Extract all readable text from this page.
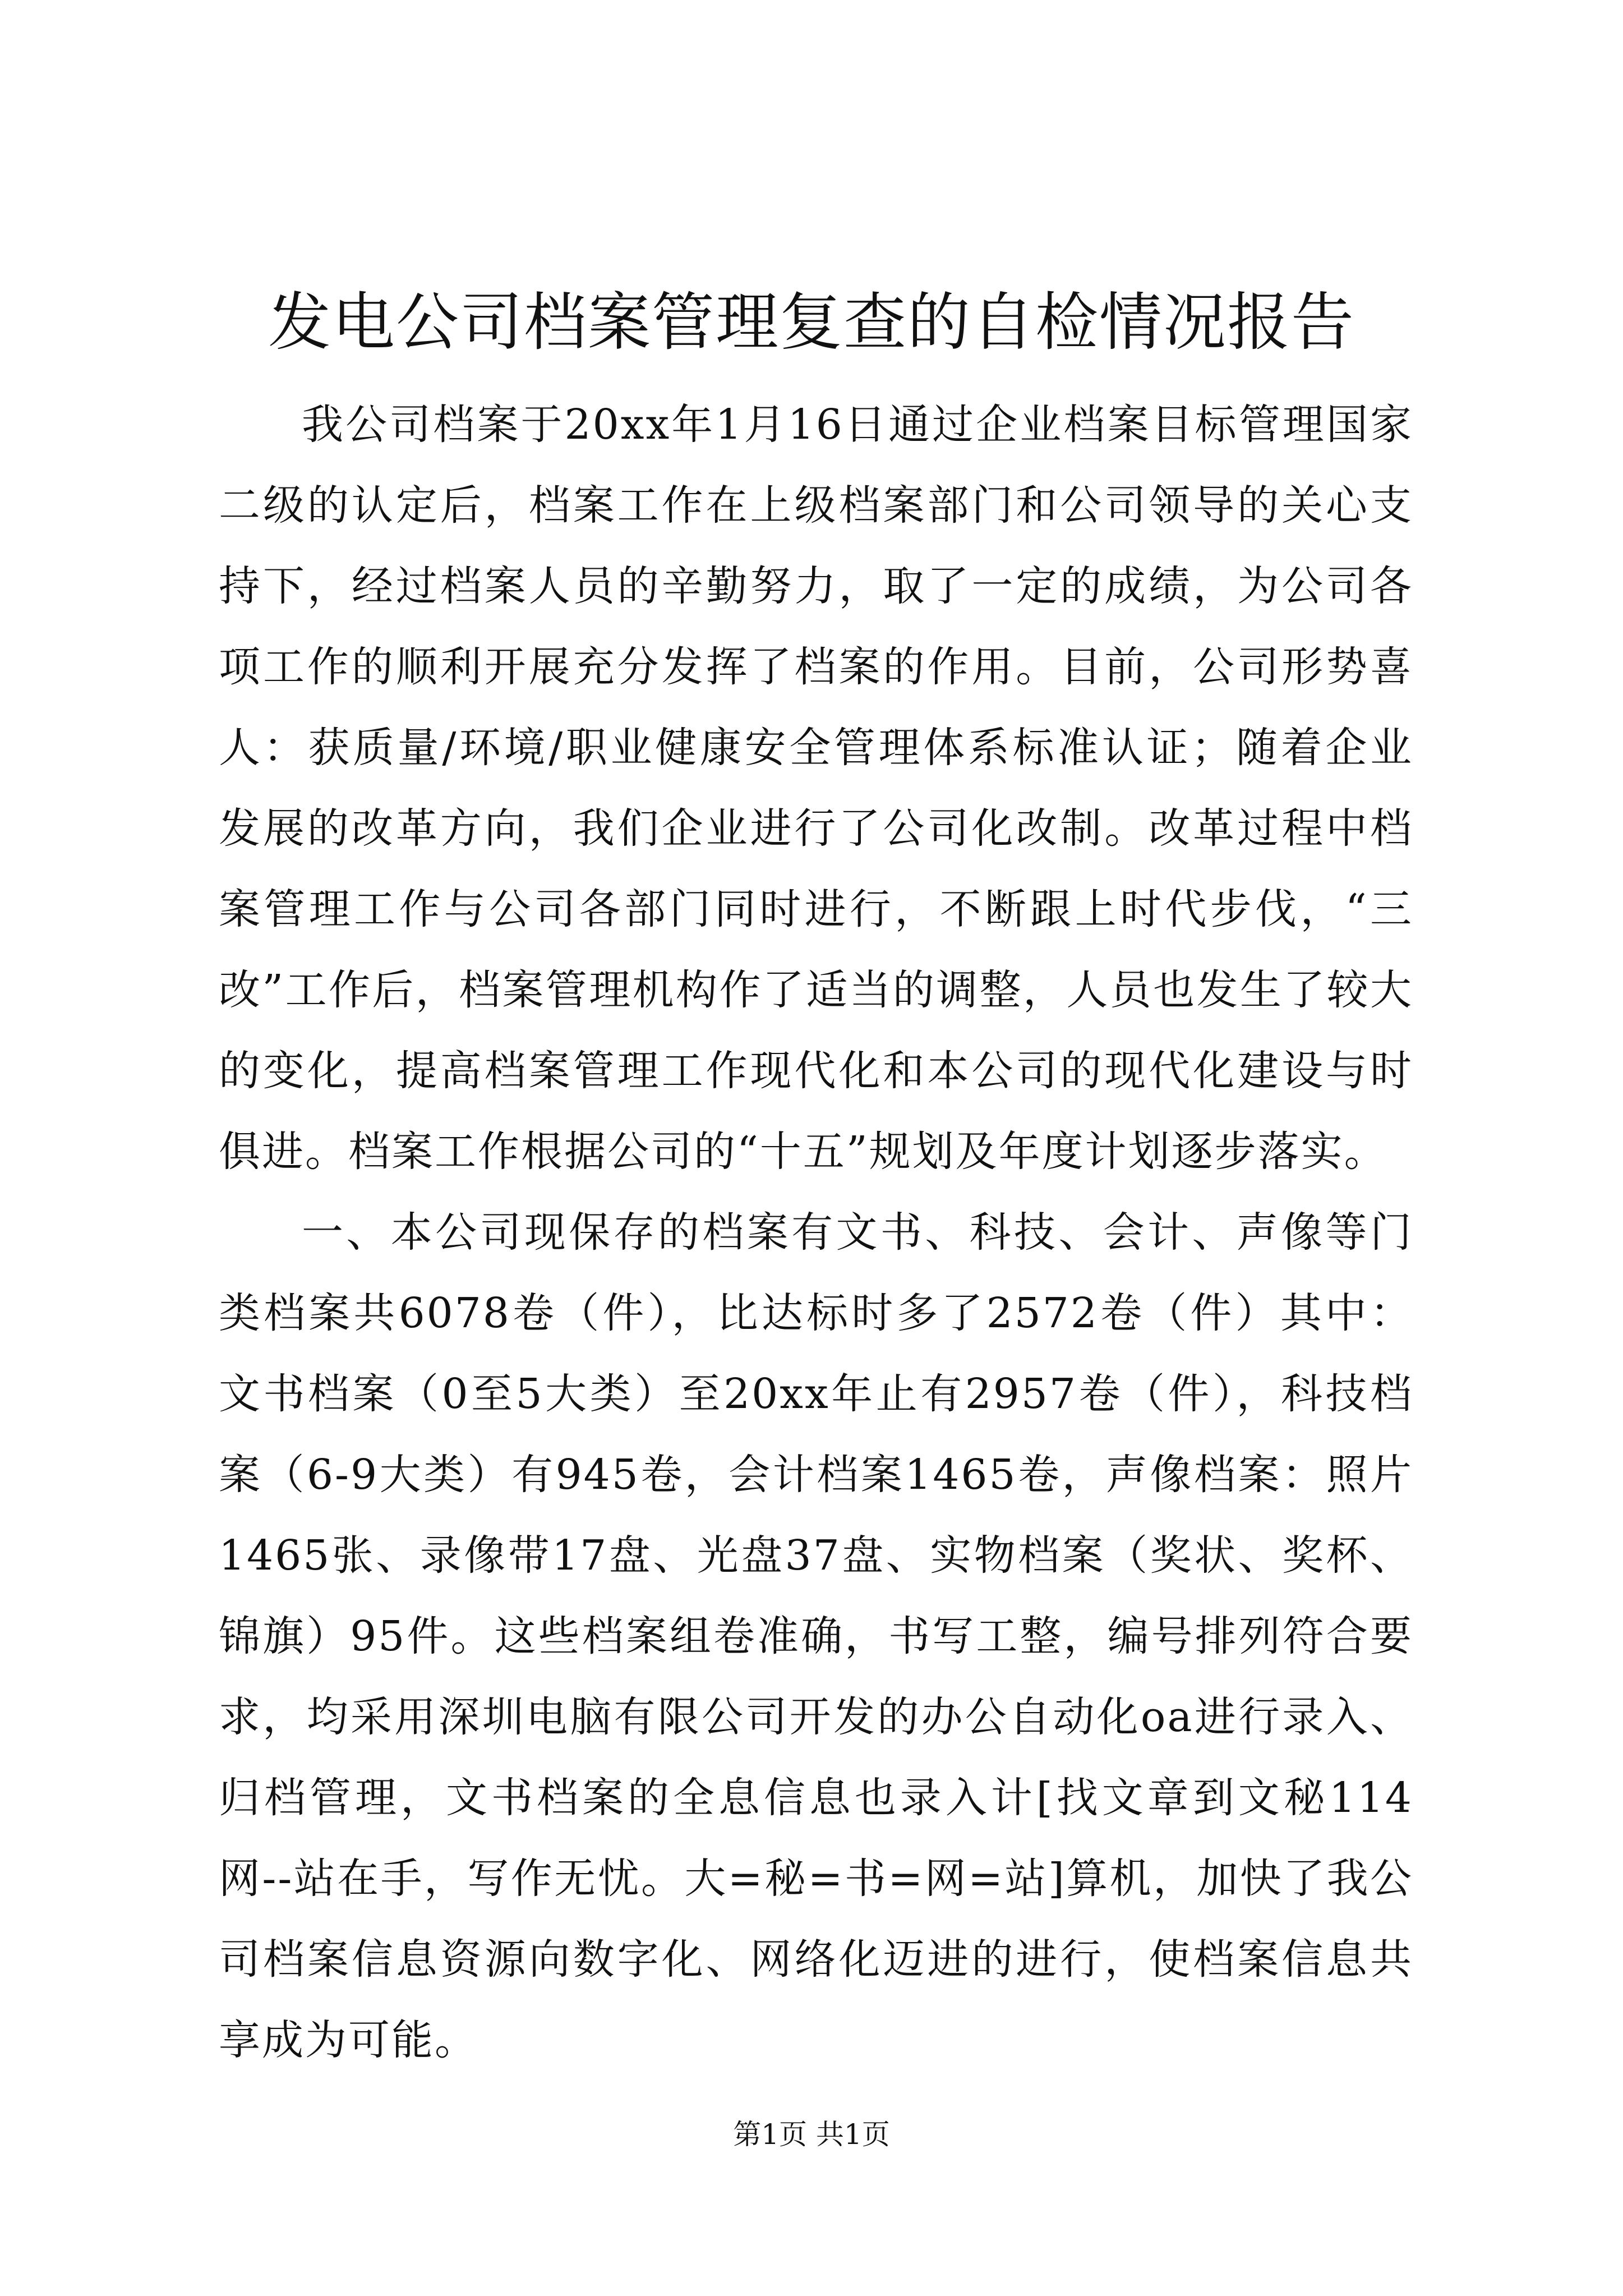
发电公司档案管理复查的自检情况报告

我公司档案于20xx年1月16日通过企业档案目标管理国家二级的认定后，档案工作在上级档案部门和公司领导的关心支持下，经过档案人员的辛勤努力，取了一定的成绩，为公司各项工作的顺利开展充分发挥了档案的作用。目前，公司形势喜人：获质量/环境/职业健康安全管理体系标准认证；随着企业发展的改革方向，我们企业进行了公司化改制。改革过程中档案管理工作与公司各部门同时进行，不断跟上时代步伐，“三改”工作后，档案管理机构作了适当的调整，人员也发生了较大的变化，提高档案管理工作现代化和本公司的现代化建设与时俱进。档案工作根据公司的“十五”规划及年度计划逐步落实。

一、本公司现保存的档案有文书、科技、会计、声像等门类档案共6078卷（件），比达标时多了2572卷（件）其中：文书档案（0至5大类）至20xx年止有2957卷（件），科技档案（6-9大类）有945卷，会计档案1465卷，声像档案：照片1465张、录像带17盘、光盘37盘、实物档案（奖状、奖杯、锦旗）95件。这些档案组卷准确，书写工整，编号排列符合要求，均采用深圳电脑有限公司开发的办公自动化oa进行录入、归档管理，文书档案的全息信息也录入计[找文章到文秘114网--站在手，写作无忧。大=秘=书=网=站]算机，加快了我公司档案信息资源向数字化、网络化迈进的进行，使档案信息共享成为可能。

第1页 共1页
